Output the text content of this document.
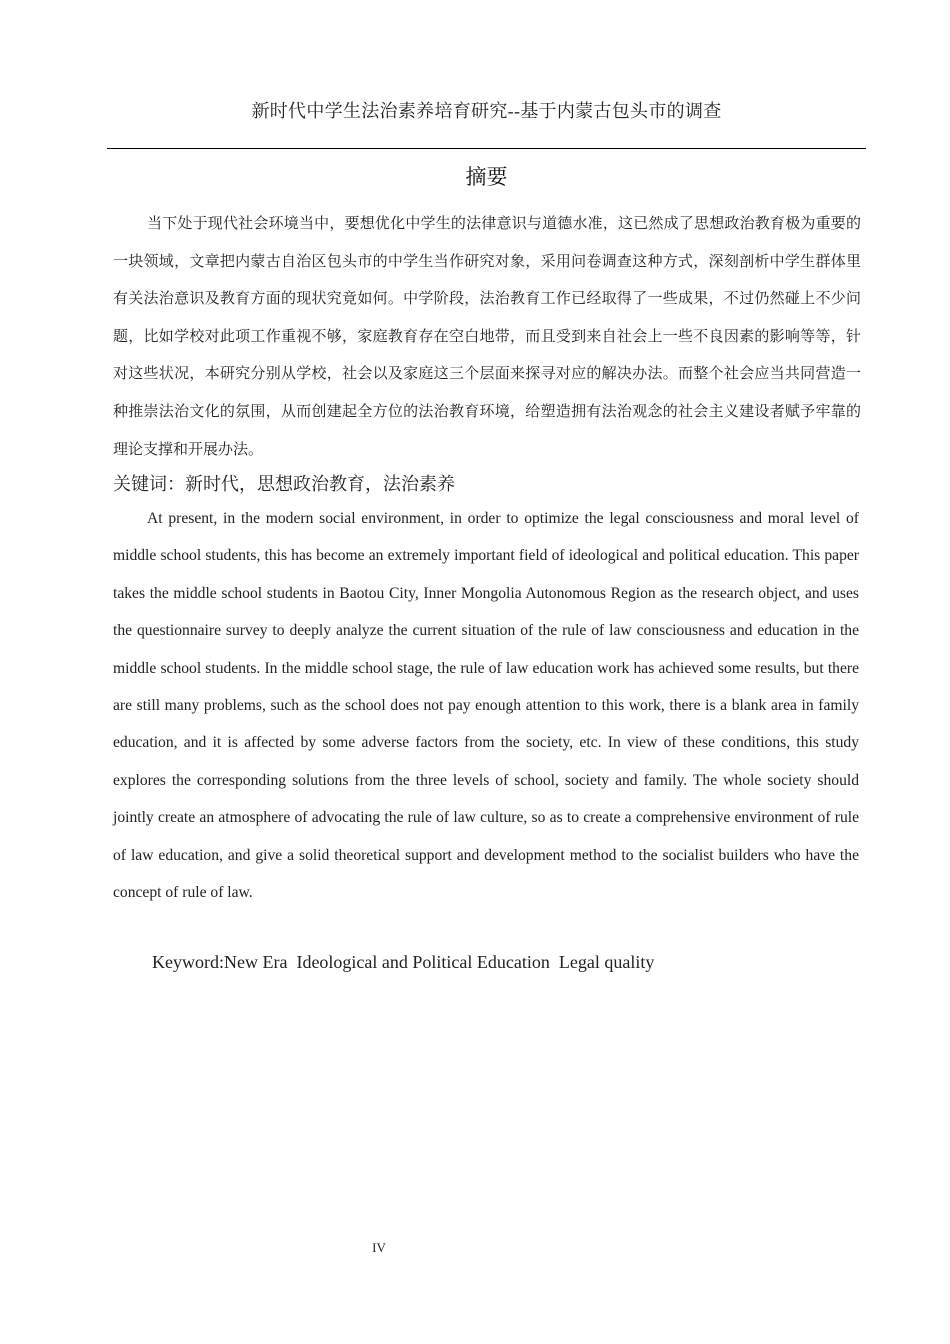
新时代中学生法治素养培育研究--基于内蒙古包头市的调查
摘要

当下处于现代社会环境当中，要想优化中学生的法律意识与道德水准，这已然成了思想政治教育极为重要的一块领域，文章把内蒙古自治区包头市的中学生当作研究对象，采用问卷调查这种方式，深刻剖析中学生群体里有关法治意识及教育方面的现状究竟如何。中学阶段，法治教育工作已经取得了一些成果，不过仍然碰上不少问题，比如学校对此项工作重视不够，家庭教育存在空白地带，而且受到来自社会上一些不良因素的影响等等，针对这些状况，本研究分别从学校，社会以及家庭这三个层面来探寻对应的解决办法。而整个社会应当共同营造一种推崇法治文化的氛围，从而创建起全方位的法治教育环境，给塑造拥有法治观念的社会主义建设者赋予牢靠的理论支撑和开展办法。

关键词：新时代，思想政治教育，法治素养

At present, in the modern social environment, in order to optimize the legal consciousness and moral level of middle school students, this has become an extremely important field of ideological and political education. This paper takes the middle school students in Baotou City, Inner Mongolia Autonomous Region as the research object, and uses the questionnaire survey to deeply analyze the current situation of the rule of law consciousness and education in the middle school students. In the middle school stage, the rule of law education work has achieved some results, but there are still many problems, such as the school does not pay enough attention to this work, there is a blank area in family education, and it is affected by some adverse factors from the society, etc. In view of these conditions, this study explores the corresponding solutions from the three levels of school, society and family. The whole society should jointly create an atmosphere of advocating the rule of law culture, so as to create a comprehensive environment of rule of law education, and give a solid theoretical support and development method to the socialist builders who have the concept of rule of law.

Keyword:New Era  Ideological and Political Education  Legal quality

IV
